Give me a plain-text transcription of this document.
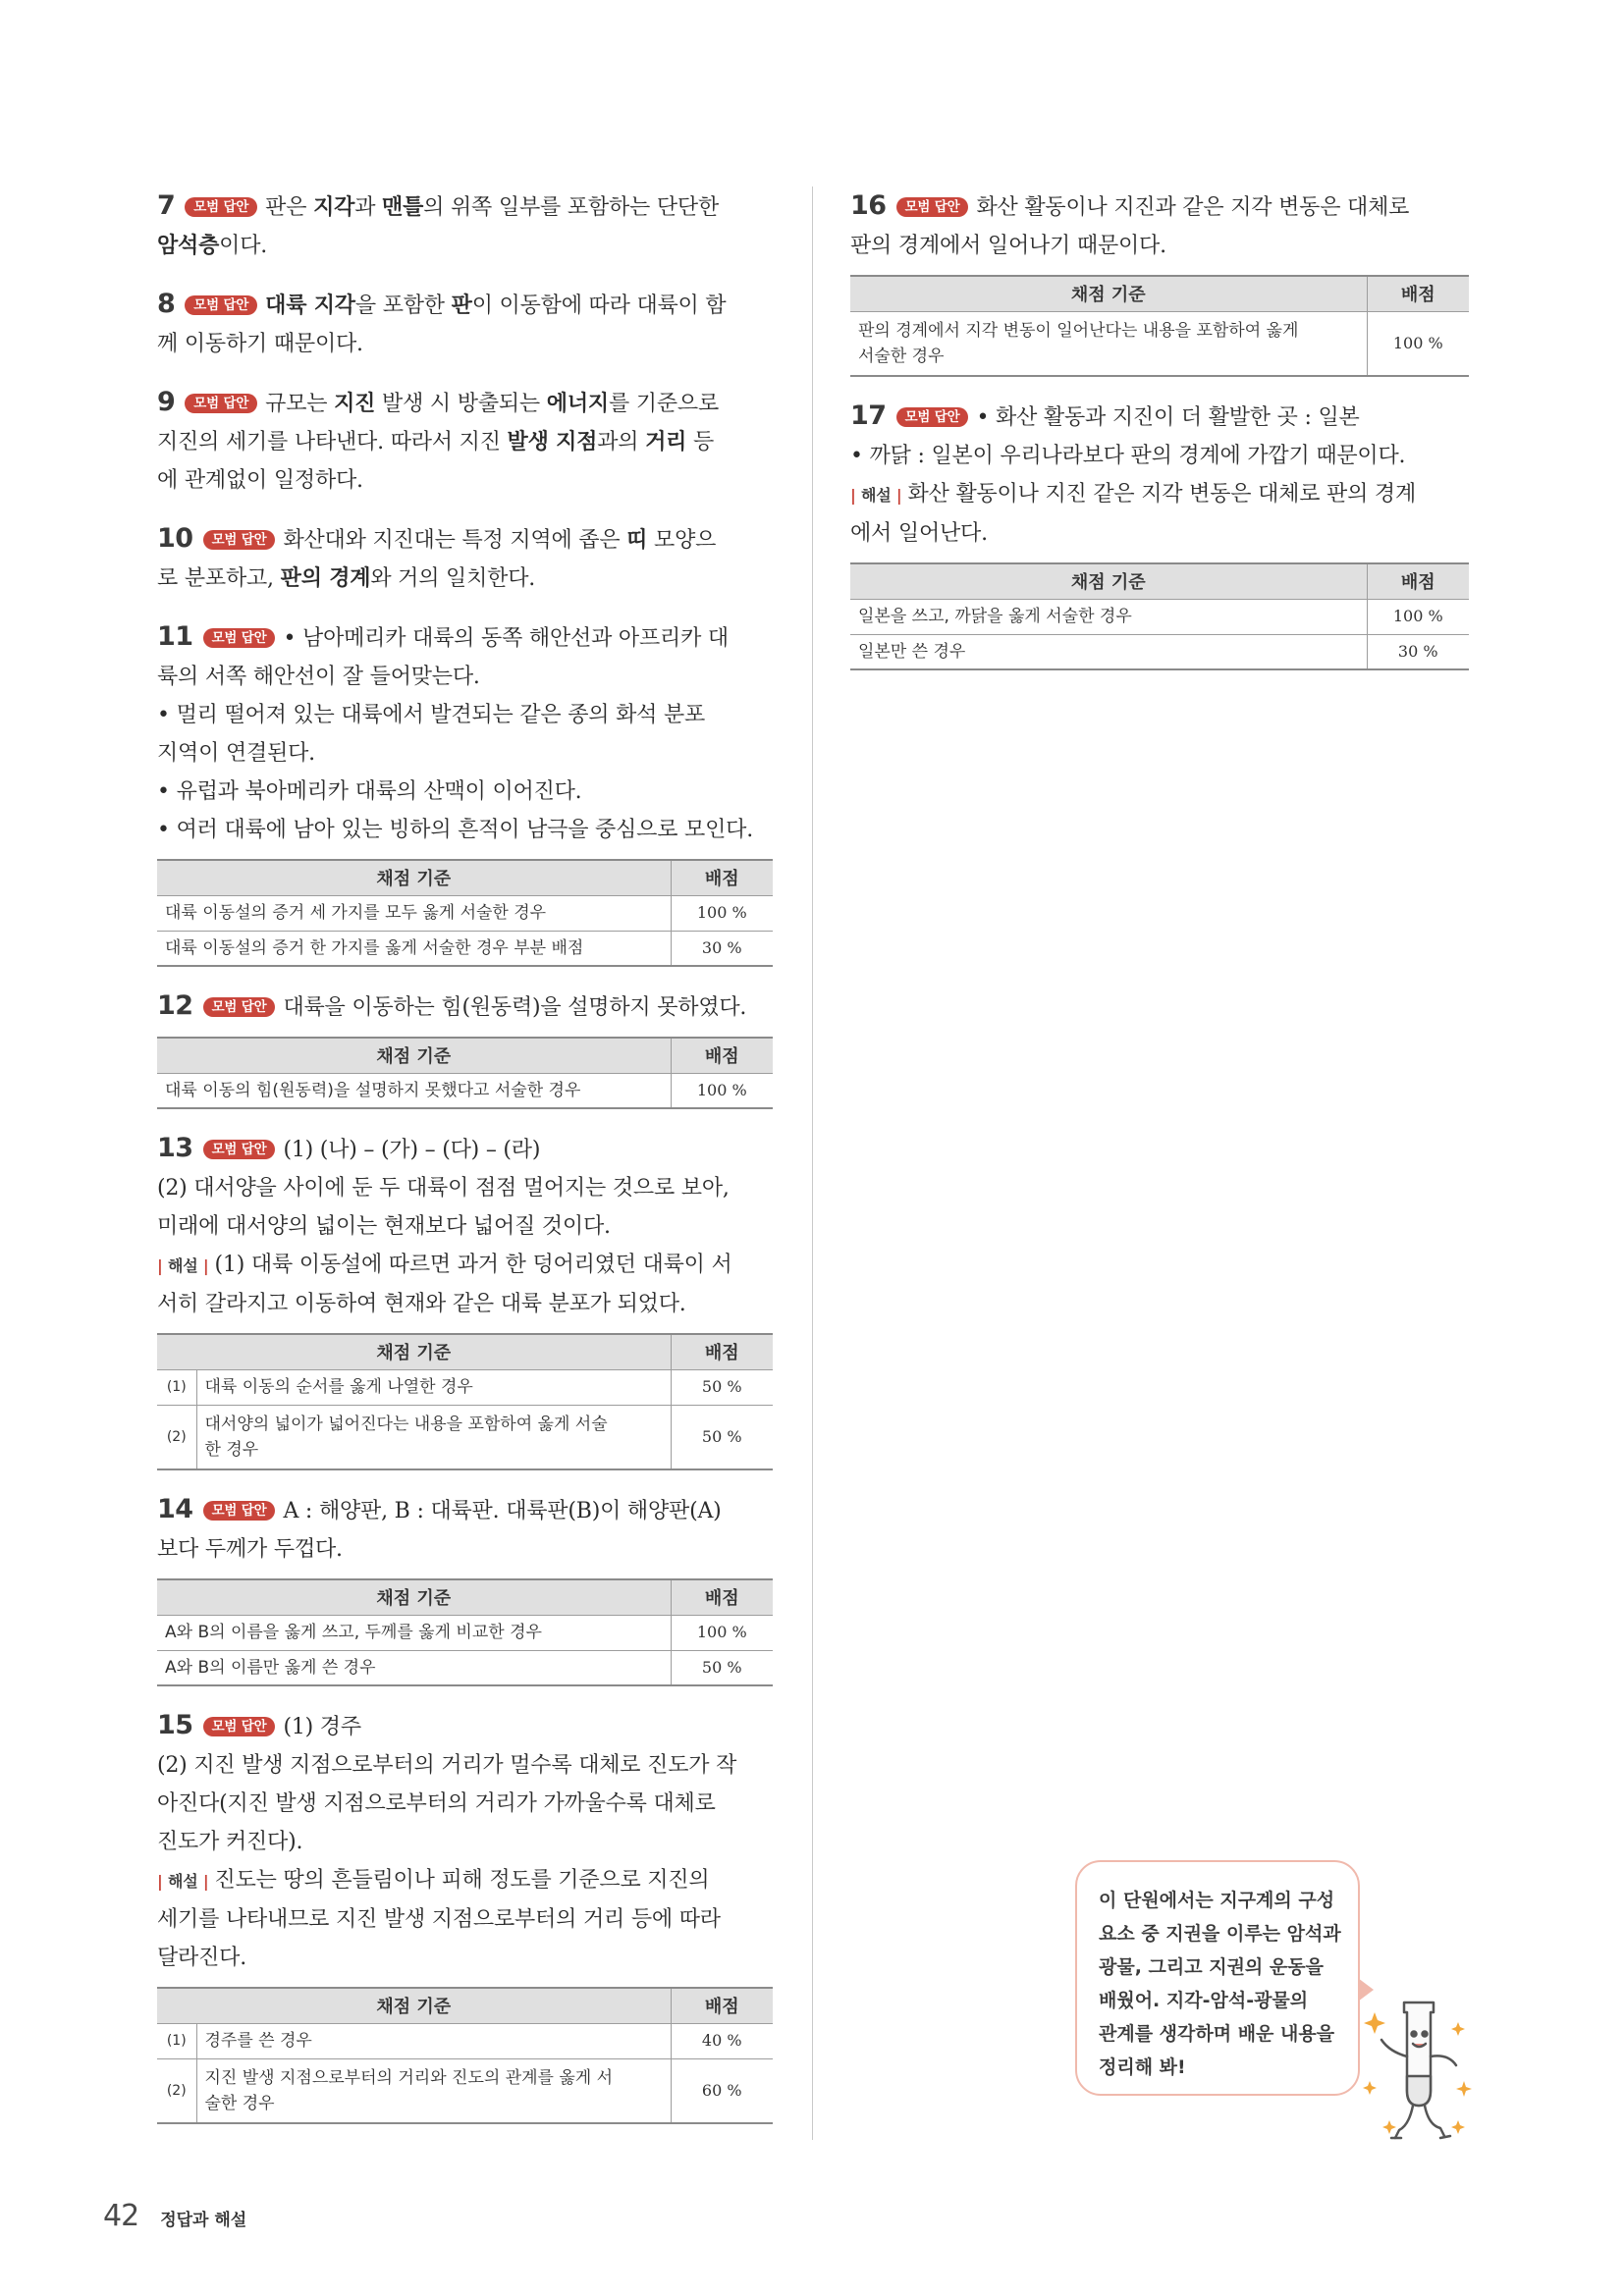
7 모범 답안 판은 지각과 맨틀의 위쪽 일부를 포함하는 단단한
암석층이다.
8 모범 답안 대륙 지각을 포함한 판이 이동함에 따라 대륙이 함
께 이동하기 때문이다.
9 모범 답안 규모는 지진 발생 시 방출되는 에너지를 기준으로
지진의 세기를 나타낸다. 따라서 지진 발생 지점과의 거리 등
에 관계없이 일정하다.
10 모범 답안 화산대와 지진대는 특정 지역에 좁은 띠 모양으
로 분포하고, 판의 경계와 거의 일치한다.
11 모범 답안 • 남아메리카 대륙의 동쪽 해안선과 아프리카 대
륙의 서쪽 해안선이 잘 들어맞는다.
• 멀리 떨어져 있는 대륙에서 발견되는 같은 종의 화석 분포
지역이 연결된다.
• 유럽과 북아메리카 대륙의 산맥이 이어진다.
• 여러 대륙에 남아 있는 빙하의 흔적이 남극을 중심으로 모인다.
채점 기준	배점
대륙 이동설의 증거 세 가지를 모두 옳게 서술한 경우	100 %
대륙 이동설의 증거 한 가지를 옳게 서술한 경우 부분 배점	30 %
12 모범 답안 대륙을 이동하는 힘(원동력)을 설명하지 못하였다.
채점 기준	배점
대륙 이동의 힘(원동력)을 설명하지 못했다고 서술한 경우	100 %
13 모범 답안 (1) (나) – (가) – (다) – (라)
(2) 대서양을 사이에 둔 두 대륙이 점점 멀어지는 것으로 보아,
미래에 대서양의 넓이는 현재보다 넓어질 것이다.
| 해설 | (1) 대륙 이동설에 따르면 과거 한 덩어리였던 대륙이 서
서히 갈라지고 이동하여 현재와 같은 대륙 분포가 되었다.
채점 기준		배점
(1)	대륙 이동의 순서를 옳게 나열한 경우	50 %
(2)	대서양의 넓이가 넓어진다는 내용을 포함하여 옳게 서술
한 경우	50 %
14 모범 답안 A : 해양판, B : 대륙판. 대륙판(B)이 해양판(A)
보다 두께가 두껍다.
채점 기준	배점
A와 B의 이름을 옳게 쓰고, 두께를 옳게 비교한 경우	100 %
A와 B의 이름만 옳게 쓴 경우	50 %
15 모범 답안 (1) 경주
(2) 지진 발생 지점으로부터의 거리가 멀수록 대체로 진도가 작
아진다(지진 발생 지점으로부터의 거리가 가까울수록 대체로
진도가 커진다).
| 해설 | 진도는 땅의 흔들림이나 피해 정도를 기준으로 지진의
세기를 나타내므로 지진 발생 지점으로부터의 거리 등에 따라
달라진다.
채점 기준		배점
(1)	경주를 쓴 경우	40 %
(2)	지진 발생 지점으로부터의 거리와 진도의 관계를 옳게 서
술한 경우	60 %
16 모범 답안 화산 활동이나 지진과 같은 지각 변동은 대체로
판의 경계에서 일어나기 때문이다.
채점 기준	배점
판의 경계에서 지각 변동이 일어난다는 내용을 포함하여 옳게
서술한 경우	100 %
17 모범 답안 • 화산 활동과 지진이 더 활발한 곳 : 일본
• 까닭 : 일본이 우리나라보다 판의 경계에 가깝기 때문이다.
| 해설 | 화산 활동이나 지진 같은 지각 변동은 대체로 판의 경계
에서 일어난다.
채점 기준	배점
일본을 쓰고, 까닭을 옳게 서술한 경우	100 %
일본만 쓴 경우	30 %
이 단원에서는 지구계의 구성
요소 중 지권을 이루는 암석과
광물, 그리고 지권의 운동을
배웠어. 지각-암석-광물의
관계를 생각하며 배운 내용을
정리해 봐!
42 정답과 해설
